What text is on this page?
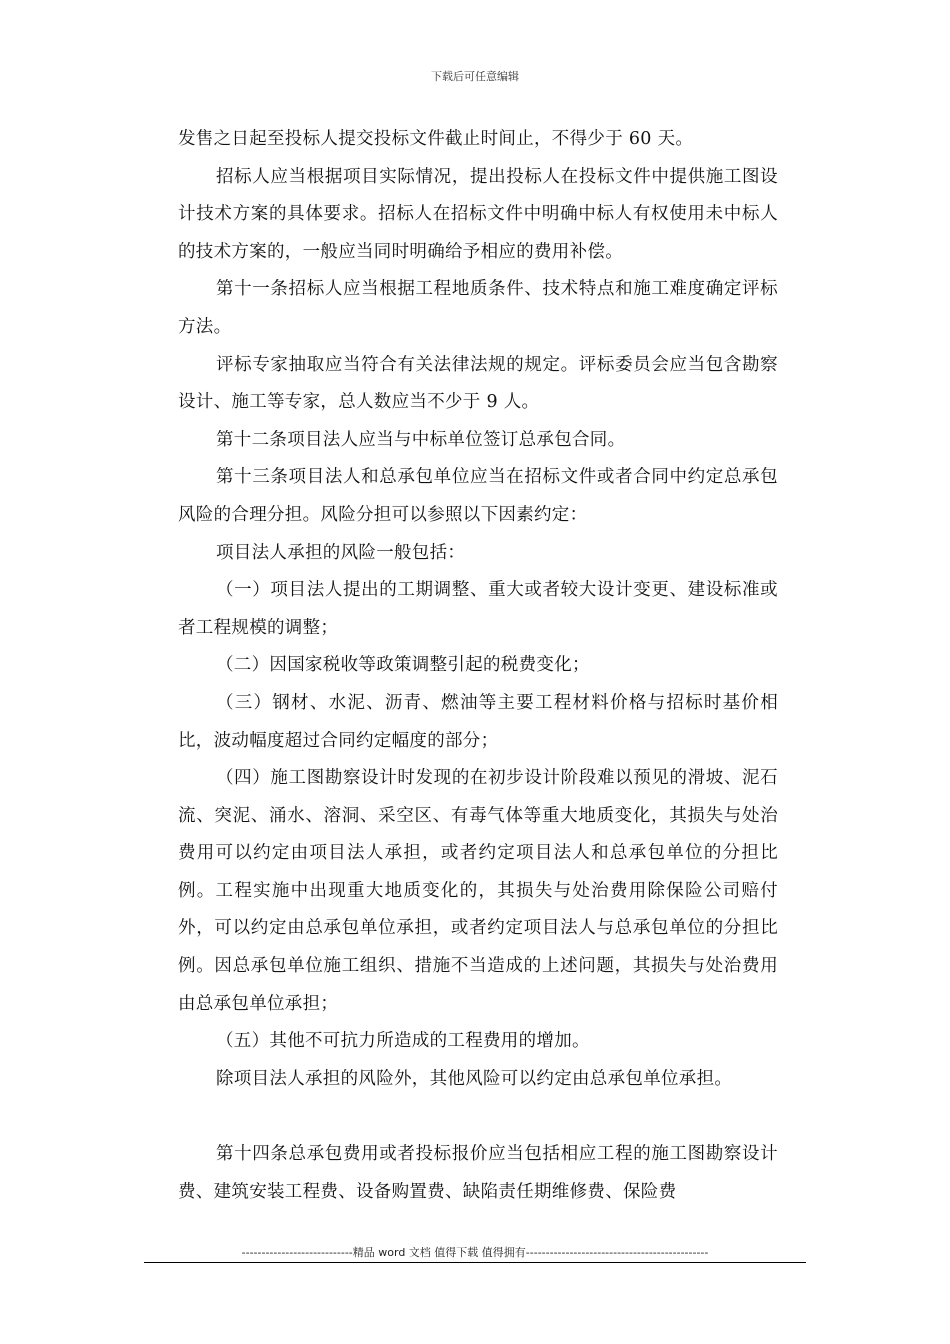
下载后可任意编辑

发售之日起至投标人提交投标文件截止时间止，不得少于 60 天。

招标人应当根据项目实际情况，提出投标人在投标文件中提供施工图设计技术方案的具体要求。招标人在招标文件中明确中标人有权使用未中标人的技术方案的，一般应当同时明确给予相应的费用补偿。

第十一条招标人应当根据工程地质条件、技术特点和施工难度确定评标方法。

评标专家抽取应当符合有关法律法规的规定。评标委员会应当包含勘察设计、施工等专家，总人数应当不少于 9 人。

第十二条项目法人应当与中标单位签订总承包合同。

第十三条项目法人和总承包单位应当在招标文件或者合同中约定总承包风险的合理分担。风险分担可以参照以下因素约定：

项目法人承担的风险一般包括：

（一）项目法人提出的工期调整、重大或者较大设计变更、建设标准或者工程规模的调整；

（二）因国家税收等政策调整引起的税费变化；

（三）钢材、水泥、沥青、燃油等主要工程材料价格与招标时基价相比，波动幅度超过合同约定幅度的部分；

（四）施工图勘察设计时发现的在初步设计阶段难以预见的滑坡、泥石流、突泥、涌水、溶洞、采空区、有毒气体等重大地质变化，其损失与处治费用可以约定由项目法人承担，或者约定项目法人和总承包单位的分担比例。工程实施中出现重大地质变化的，其损失与处治费用除保险公司赔付外，可以约定由总承包单位承担，或者约定项目法人与总承包单位的分担比例。因总承包单位施工组织、措施不当造成的上述问题，其损失与处治费用由总承包单位承担；

（五）其他不可抗力所造成的工程费用的增加。

除项目法人承担的风险外，其他风险可以约定由总承包单位承担。

第十四条总承包费用或者投标报价应当包括相应工程的施工图勘察设计费、建筑安装工程费、设备购置费、缺陷责任期维修费、保险费

----------------------------精品 word 文档 值得下载 值得拥有----------------------------------------------
